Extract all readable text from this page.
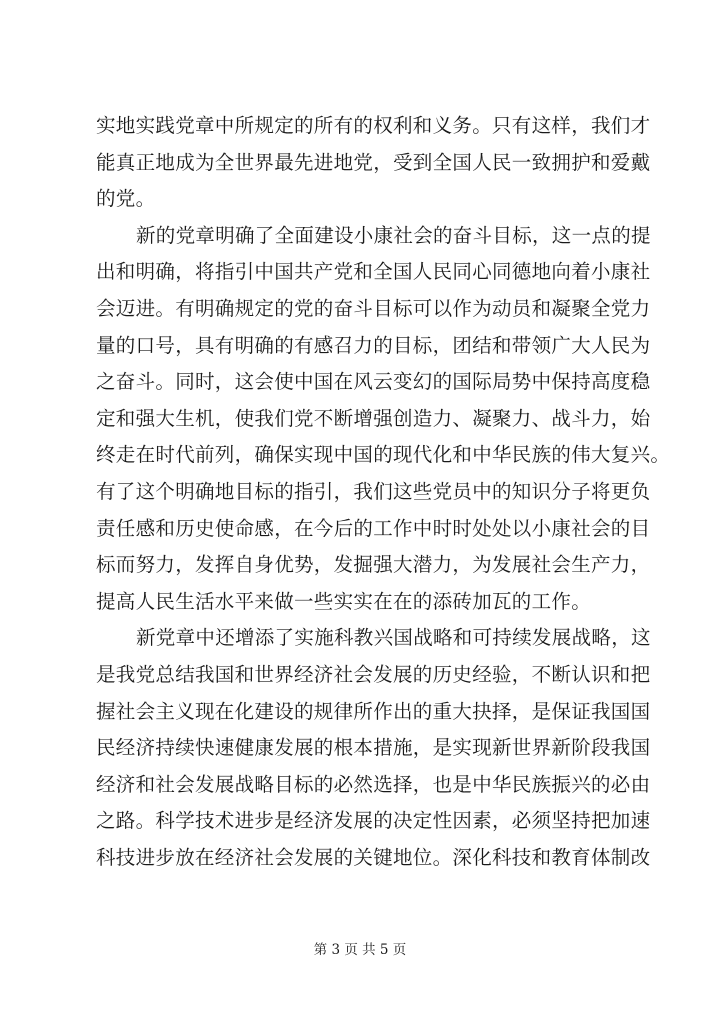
实地实践党章中所规定的所有的权利和义务。只有这样，我们才
能真正地成为全世界最先进地党，受到全国人民一致拥护和爱戴
的党。
新的党章明确了全面建设小康社会的奋斗目标，这一点的提
出和明确，将指引中国共产党和全国人民同心同德地向着小康社
会迈进。有明确规定的党的奋斗目标可以作为动员和凝聚全党力
量的口号，具有明确的有感召力的目标，团结和带领广大人民为
之奋斗。同时，这会使中国在风云变幻的国际局势中保持高度稳
定和强大生机，使我们党不断增强创造力、凝聚力、战斗力，始
终走在时代前列，确保实现中国的现代化和中华民族的伟大复兴。
有了这个明确地目标的指引，我们这些党员中的知识分子将更负
责任感和历史使命感，在今后的工作中时时处处以小康社会的目
标而努力，发挥自身优势，发掘强大潜力，为发展社会生产力，
提高人民生活水平来做一些实实在在的添砖加瓦的工作。
新党章中还增添了实施科教兴国战略和可持续发展战略，这
是我党总结我国和世界经济社会发展的历史经验，不断认识和把
握社会主义现在化建设的规律所作出的重大抉择，是保证我国国
民经济持续快速健康发展的根本措施，是实现新世界新阶段我国
经济和社会发展战略目标的必然选择，也是中华民族振兴的必由
之路。科学技术进步是经济发展的决定性因素，必须坚持把加速
科技进步放在经济社会发展的关键地位。深化科技和教育体制改
第 3 页 共 5 页
